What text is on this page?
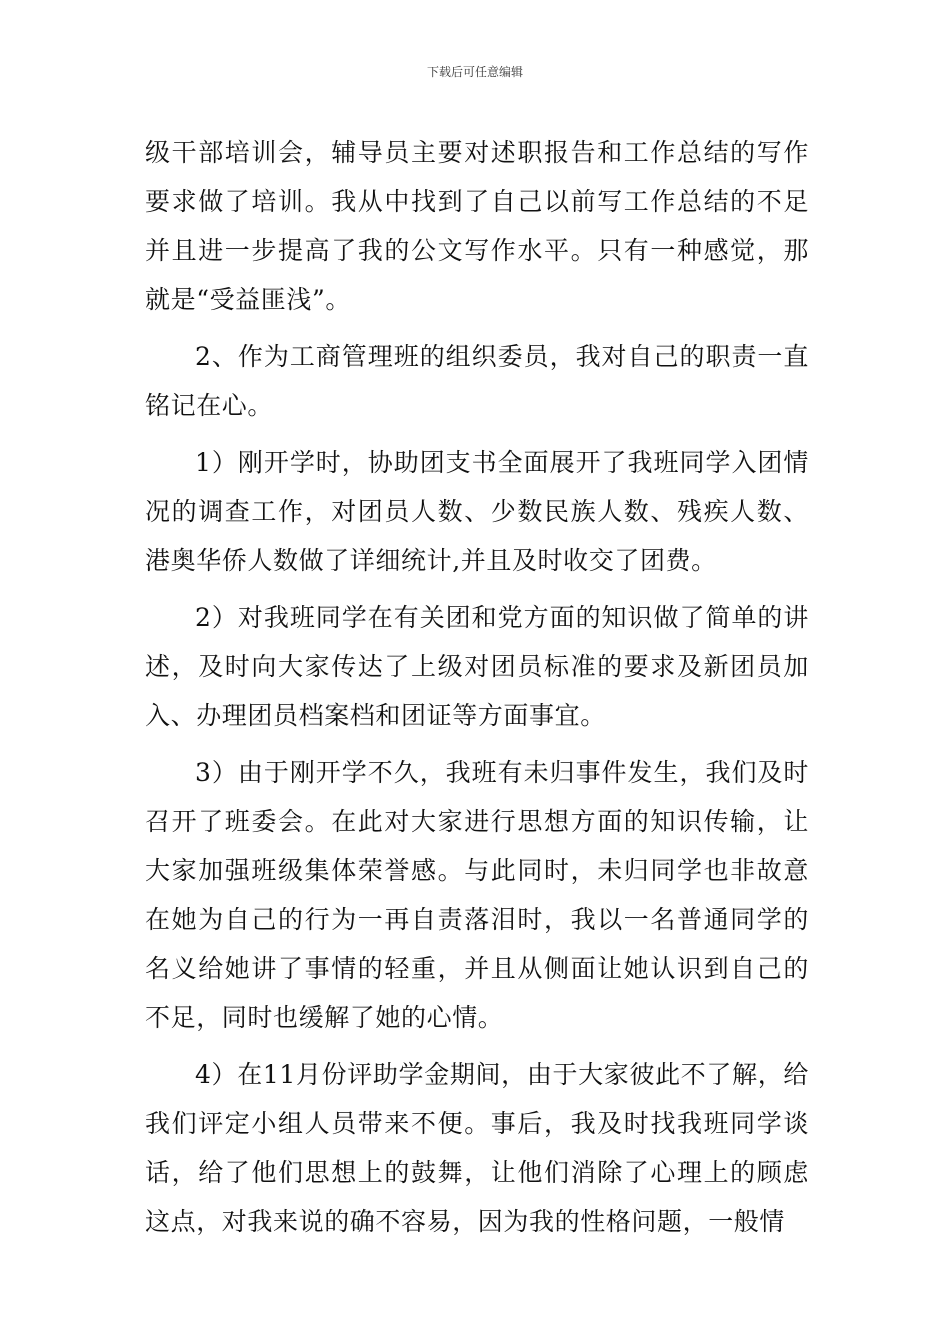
下载后可任意编辑

级干部培训会，辅导员主要对述职报告和工作总结的写作要求做了培训。我从中找到了自己以前写工作总结的不足并且进一步提高了我的公文写作水平。只有一种感觉，那就是“受益匪浅”。

2、作为工商管理班的组织委员，我对自己的职责一直铭记在心。

1）刚开学时，协助团支书全面展开了我班同学入团情况的调查工作，对团员人数、少数民族人数、残疾人数、港奥华侨人数做了详细统计,并且及时收交了团费。

2）对我班同学在有关团和党方面的知识做了简单的讲述，及时向大家传达了上级对团员标准的要求及新团员加入、办理团员档案档和团证等方面事宜。

3）由于刚开学不久，我班有未归事件发生，我们及时召开了班委会。在此对大家进行思想方面的知识传输，让大家加强班级集体荣誉感。与此同时，未归同学也非故意在她为自己的行为一再自责落泪时，我以一名普通同学的名义给她讲了事情的轻重，并且从侧面让她认识到自己的不足，同时也缓解了她的心情。

4）在11月份评助学金期间，由于大家彼此不了解，给我们评定小组人员带来不便。事后，我及时找我班同学谈话，给了他们思想上的鼓舞，让他们消除了心理上的顾虑这点，对我来说的确不容易，因为我的性格问题，一般情
